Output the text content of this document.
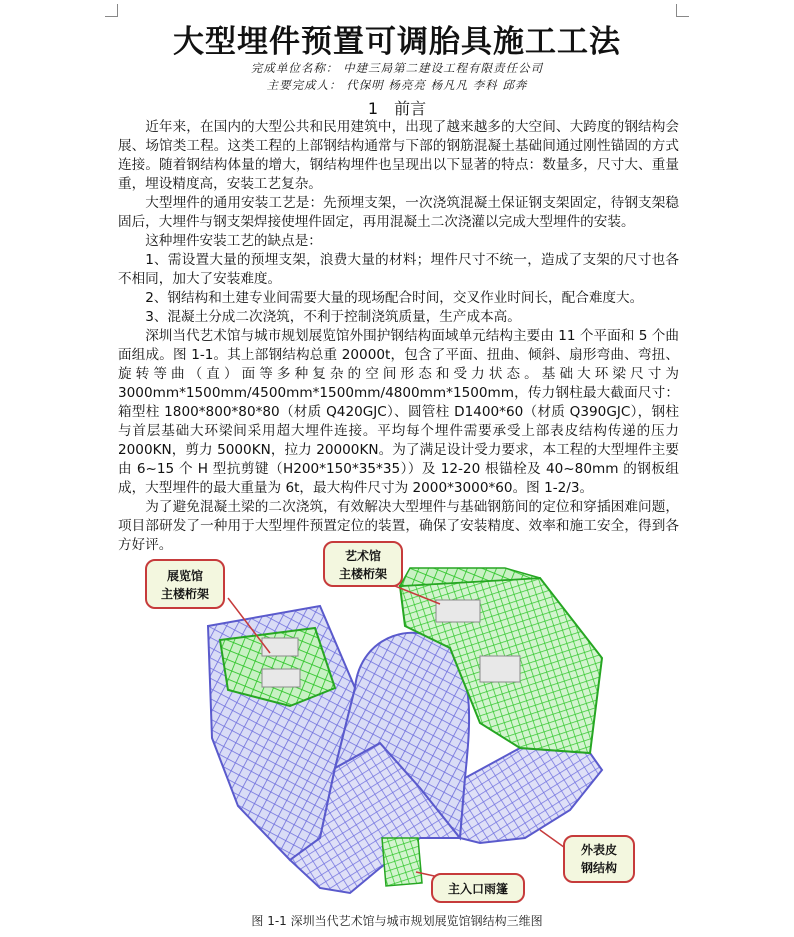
大型埋件预置可调胎具施工工法
完成单位名称： 中建三局第二建设工程有限责任公司
主要完成人： 代保明 杨亮亮 杨凡凡 李科 邱奔
1　前言

近年来，在国内的大型公共和民用建筑中，出现了越来越多的大空间、大跨度的钢结构会展、场馆类工程。这类工程的上部钢结构通常与下部的钢筋混凝土基础间通过刚性锚固的方式连接。随着钢结构体量的增大，钢结构埋件也呈现出以下显著的特点：数量多，尺寸大、重量重，埋设精度高，安装工艺复杂。

大型埋件的通用安装工艺是：先预埋支架，一次浇筑混凝土保证钢支架固定，待钢支架稳固后，大埋件与钢支架焊接使埋件固定，再用混凝土二次浇灌以完成大型埋件的安装。

这种埋件安装工艺的缺点是：

1、需设置大量的预埋支架，浪费大量的材料；埋件尺寸不统一，造成了支架的尺寸也各不相同，加大了安装难度。

2、钢结构和土建专业间需要大量的现场配合时间，交叉作业时间长，配合难度大。

3、混凝土分成二次浇筑，不利于控制浇筑质量，生产成本高。

深圳当代艺术馆与城市规划展览馆外围护钢结构面域单元结构主要由 11 个平面和 5 个曲面组成。图 1-1。其上部钢结构总重 20000t，包含了平面、扭曲、倾斜、扇形弯曲、弯扭、旋转等曲（直）面等多种复杂的空间形态和受力状态。基础大环梁尺寸为 3000mm*1500mm/4500mm*1500mm/4800mm*1500mm，传力钢柱最大截面尺寸：箱型柱 1800*800*80*80（材质 Q420GJC）、圆管柱 D1400*60（材质 Q390GJC），钢柱与首层基础大环梁间采用超大埋件连接。平均每个埋件需要承受上部表皮结构传递的压力 2000KN，剪力 5000KN，拉力 20000KN。为了满足设计受力要求，本工程的大型埋件主要由 6~15 个 H 型抗剪键（H200*150*35*35））及 12-20 根锚栓及 40~80mm 的钢板组成，大型埋件的最大重量为 6t，最大构件尺寸为 2000*3000*60。图 1-2/3。

为了避免混凝土梁的二次浇筑，有效解决大型埋件与基础钢筋间的定位和穿插困难问题，项目部研发了一种用于大型埋件预置定位的装置，确保了安装精度、效率和施工安全，得到各方好评。

展览馆
主楼桁架
艺术馆
主楼桁架
外表皮
钢结构
主入口雨篷
图 1-1 深圳当代艺术馆与城市规划展览馆钢结构三维图
